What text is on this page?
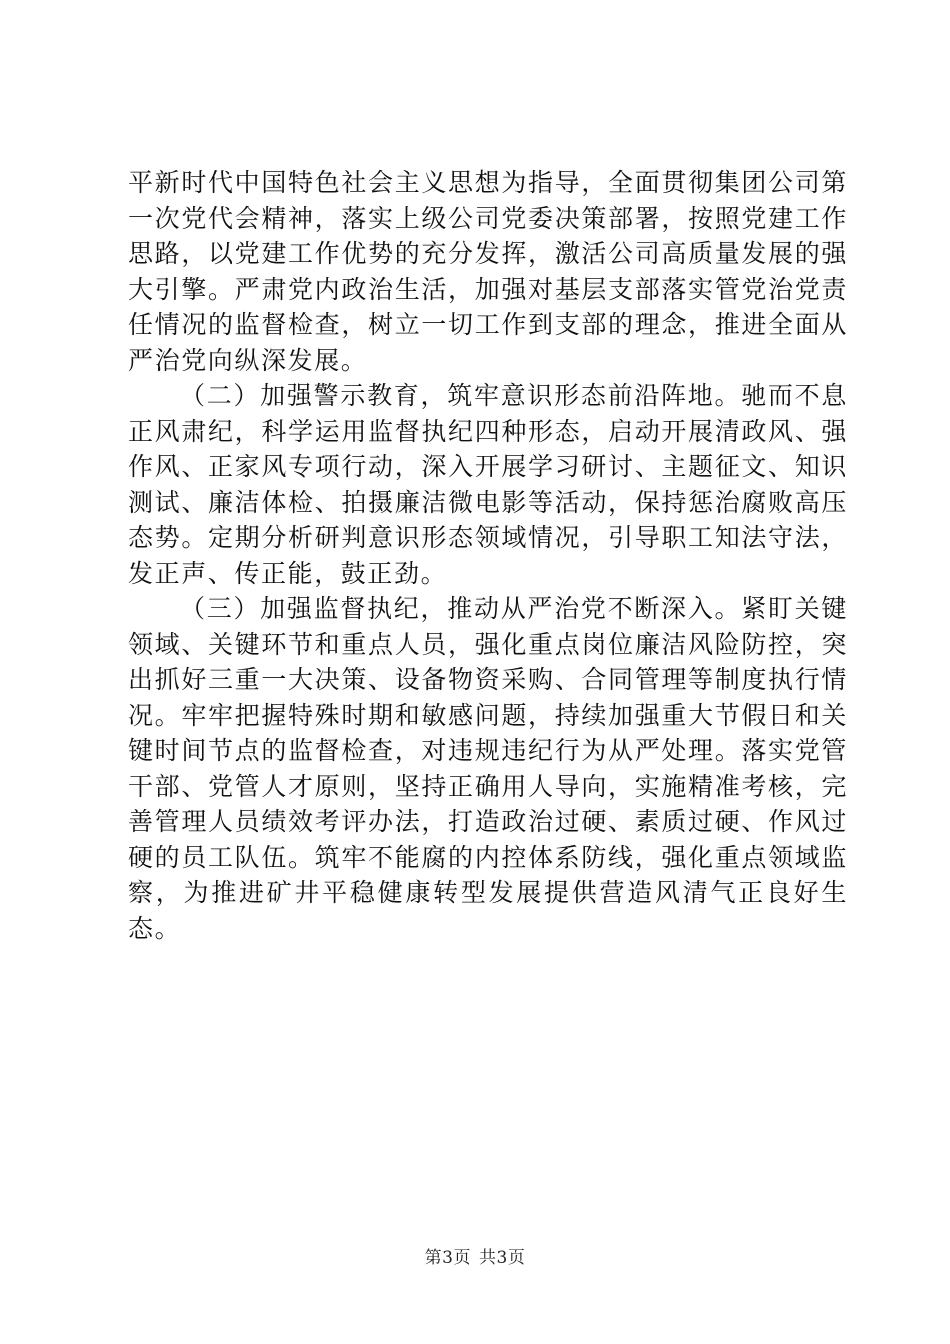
平新时代中国特色社会主义思想为指导，全面贯彻集团公司第一次党代会精神，落实上级公司党委决策部署，按照党建工作思路，以党建工作优势的充分发挥，激活公司高质量发展的强大引擎。严肃党内政治生活，加强对基层支部落实管党治党责任情况的监督检查，树立一切工作到支部的理念，推进全面从严治党向纵深发展。

（二）加强警示教育，筑牢意识形态前沿阵地。驰而不息正风肃纪，科学运用监督执纪四种形态，启动开展清政风、强作风、正家风专项行动，深入开展学习研讨、主题征文、知识测试、廉洁体检、拍摄廉洁微电影等活动，保持惩治腐败高压态势。定期分析研判意识形态领域情况，引导职工知法守法，发正声、传正能，鼓正劲。

（三）加强监督执纪，推动从严治党不断深入。紧盯关键领域、关键环节和重点人员，强化重点岗位廉洁风险防控，突出抓好三重一大决策、设备物资采购、合同管理等制度执行情况。牢牢把握特殊时期和敏感问题，持续加强重大节假日和关键时间节点的监督检查，对违规违纪行为从严处理。落实党管干部、党管人才原则，坚持正确用人导向，实施精准考核，完善管理人员绩效考评办法，打造政治过硬、素质过硬、作风过硬的员工队伍。筑牢不能腐的内控体系防线，强化重点领域监察，为推进矿井平稳健康转型发展提供营造风清气正良好生态。

第3页 共3页
